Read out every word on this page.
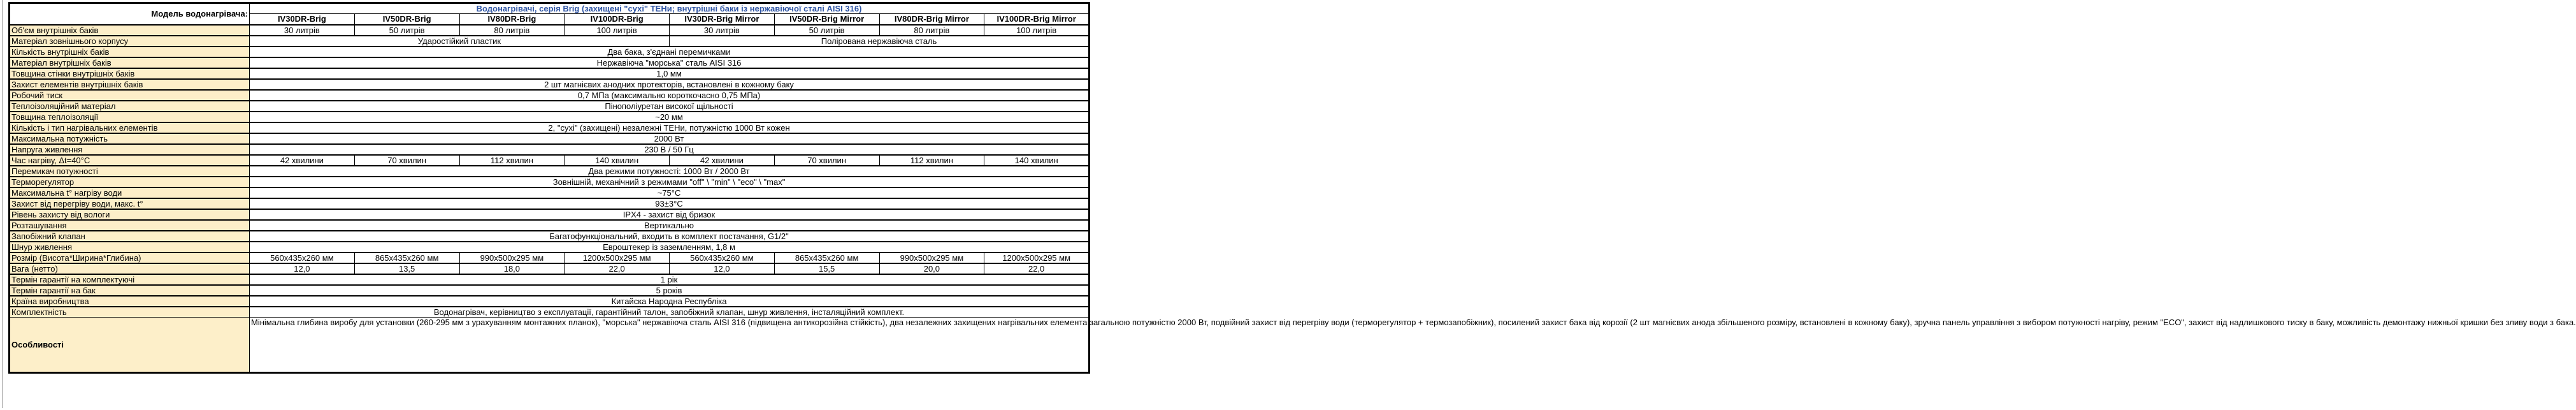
Модель водонагрівача:	Водонагрівачі, серія Brig (захищені "сухі" ТЕНи; внутрішні баки із нержавіючої сталі AISI 316)							
	IV30DR-Brig	IV50DR-Brig	IV80DR-Brig	IV100DR-Brig	IV30DR-Brig Mirror	IV50DR-Brig Mirror	IV80DR-Brig Mirror	IV100DR-Brig Mirror
Об'єм внутрішніх баків	30 литрів	50 литрів	80 литрів	100 литрів	30 литрів	50 литрів	80 литрів	100 литрів
Матеріал зовнішнього корпусу	Ударостійкий пластик				Полірована нержавіюча сталь			
Кількість внутрішніх баків	Два бака, з'єднані перемичками							
Матеріал внутрішніх баків	Нержавіюча "морська" сталь AISI 316							
Товщина стінки внутрішніх баків	1,0 мм							
Захист елементів внутрішніх баків	2 шт магнієвих анодних протекторів, встановлені в кожному баку							
Робочий тиск	0,7 МПа (максимально короткочасно 0,75 МПа)							
Теплоізоляційний матеріал	Пінополіуретан високої щільності							
Товщина теплоізоляції	~20 мм							
Кількість і тип нагрівальних елементів	2, "сухі" (захищені) незалежні ТЕНи, потужністю 1000 Вт кожен							
Максимальна потужність	2000 Вт							
Напруга живлення	230 В / 50 Гц							
Час нагріву, Δt=40°C	42 хвилини	70 хвилин	112 хвилин	140 хвилин	42 хвилини	70 хвилин	112 хвилин	140 хвилин
Перемикач потужності	Два режими потужності: 1000 Вт / 2000 Вт							
Терморегулятор	Зовнішній, механічний з режимами "off" \ "min" \ "eco" \ "max"							
Максимальна t° нагріву води	~75°C							
Захист від перегріву води, макс. t°	93±3°C							
Рівень захисту від вологи	IPX4 - захист від бризок							
Розташування	Вертикально							
Запобіжний клапан	Багатофункціональний, входить в комплект постачання, G1/2"							
Шнур живлення	Евроштекер із заземленням, 1,8 м							
Розмір (Висота*Ширина*Глибина)	560x435x260 мм	865x435x260 мм	990x500x295 мм	1200x500x295 мм	560x435x260 мм	865x435x260 мм	990x500x295 мм	1200x500x295 мм
Вага (нетто)	12,0	13,5	18,0	22,0	12,0	15,5	20,0	22,0
Термін гарантії на комплектуючі	1 рік							
Термін гарантії на бак	5 років							
Країна виробництва	Китайска Народна Республіка							
Комплектність	Водонагрівач, керівництво з експлуатації, гарантійний талон, запобіжний клапан, шнур живлення, інсталяційний комплект.							
Особливості	Мінімальна глибина виробу для установки (260-295 мм з урахуванням монтажних планок), "морська" нержавіюча сталь AISI 316 (підвищена антикорозійна стійкість), два незалежних захищених нагрівальних елемента загальною потужністю 2000 Вт, подвійний захист від перегріву води (терморегулятор + термозапобіжник), посилений захист бака від корозії (2 шт магнієвих анода збільшеного розміру, встановлені в кожному баку), зручна панель управління з вибором потужності нагріву, режим "ECO", захист від надлишкового тиску в баку, можливість демонтажу нижньої кришки без зливу води з бака.							
